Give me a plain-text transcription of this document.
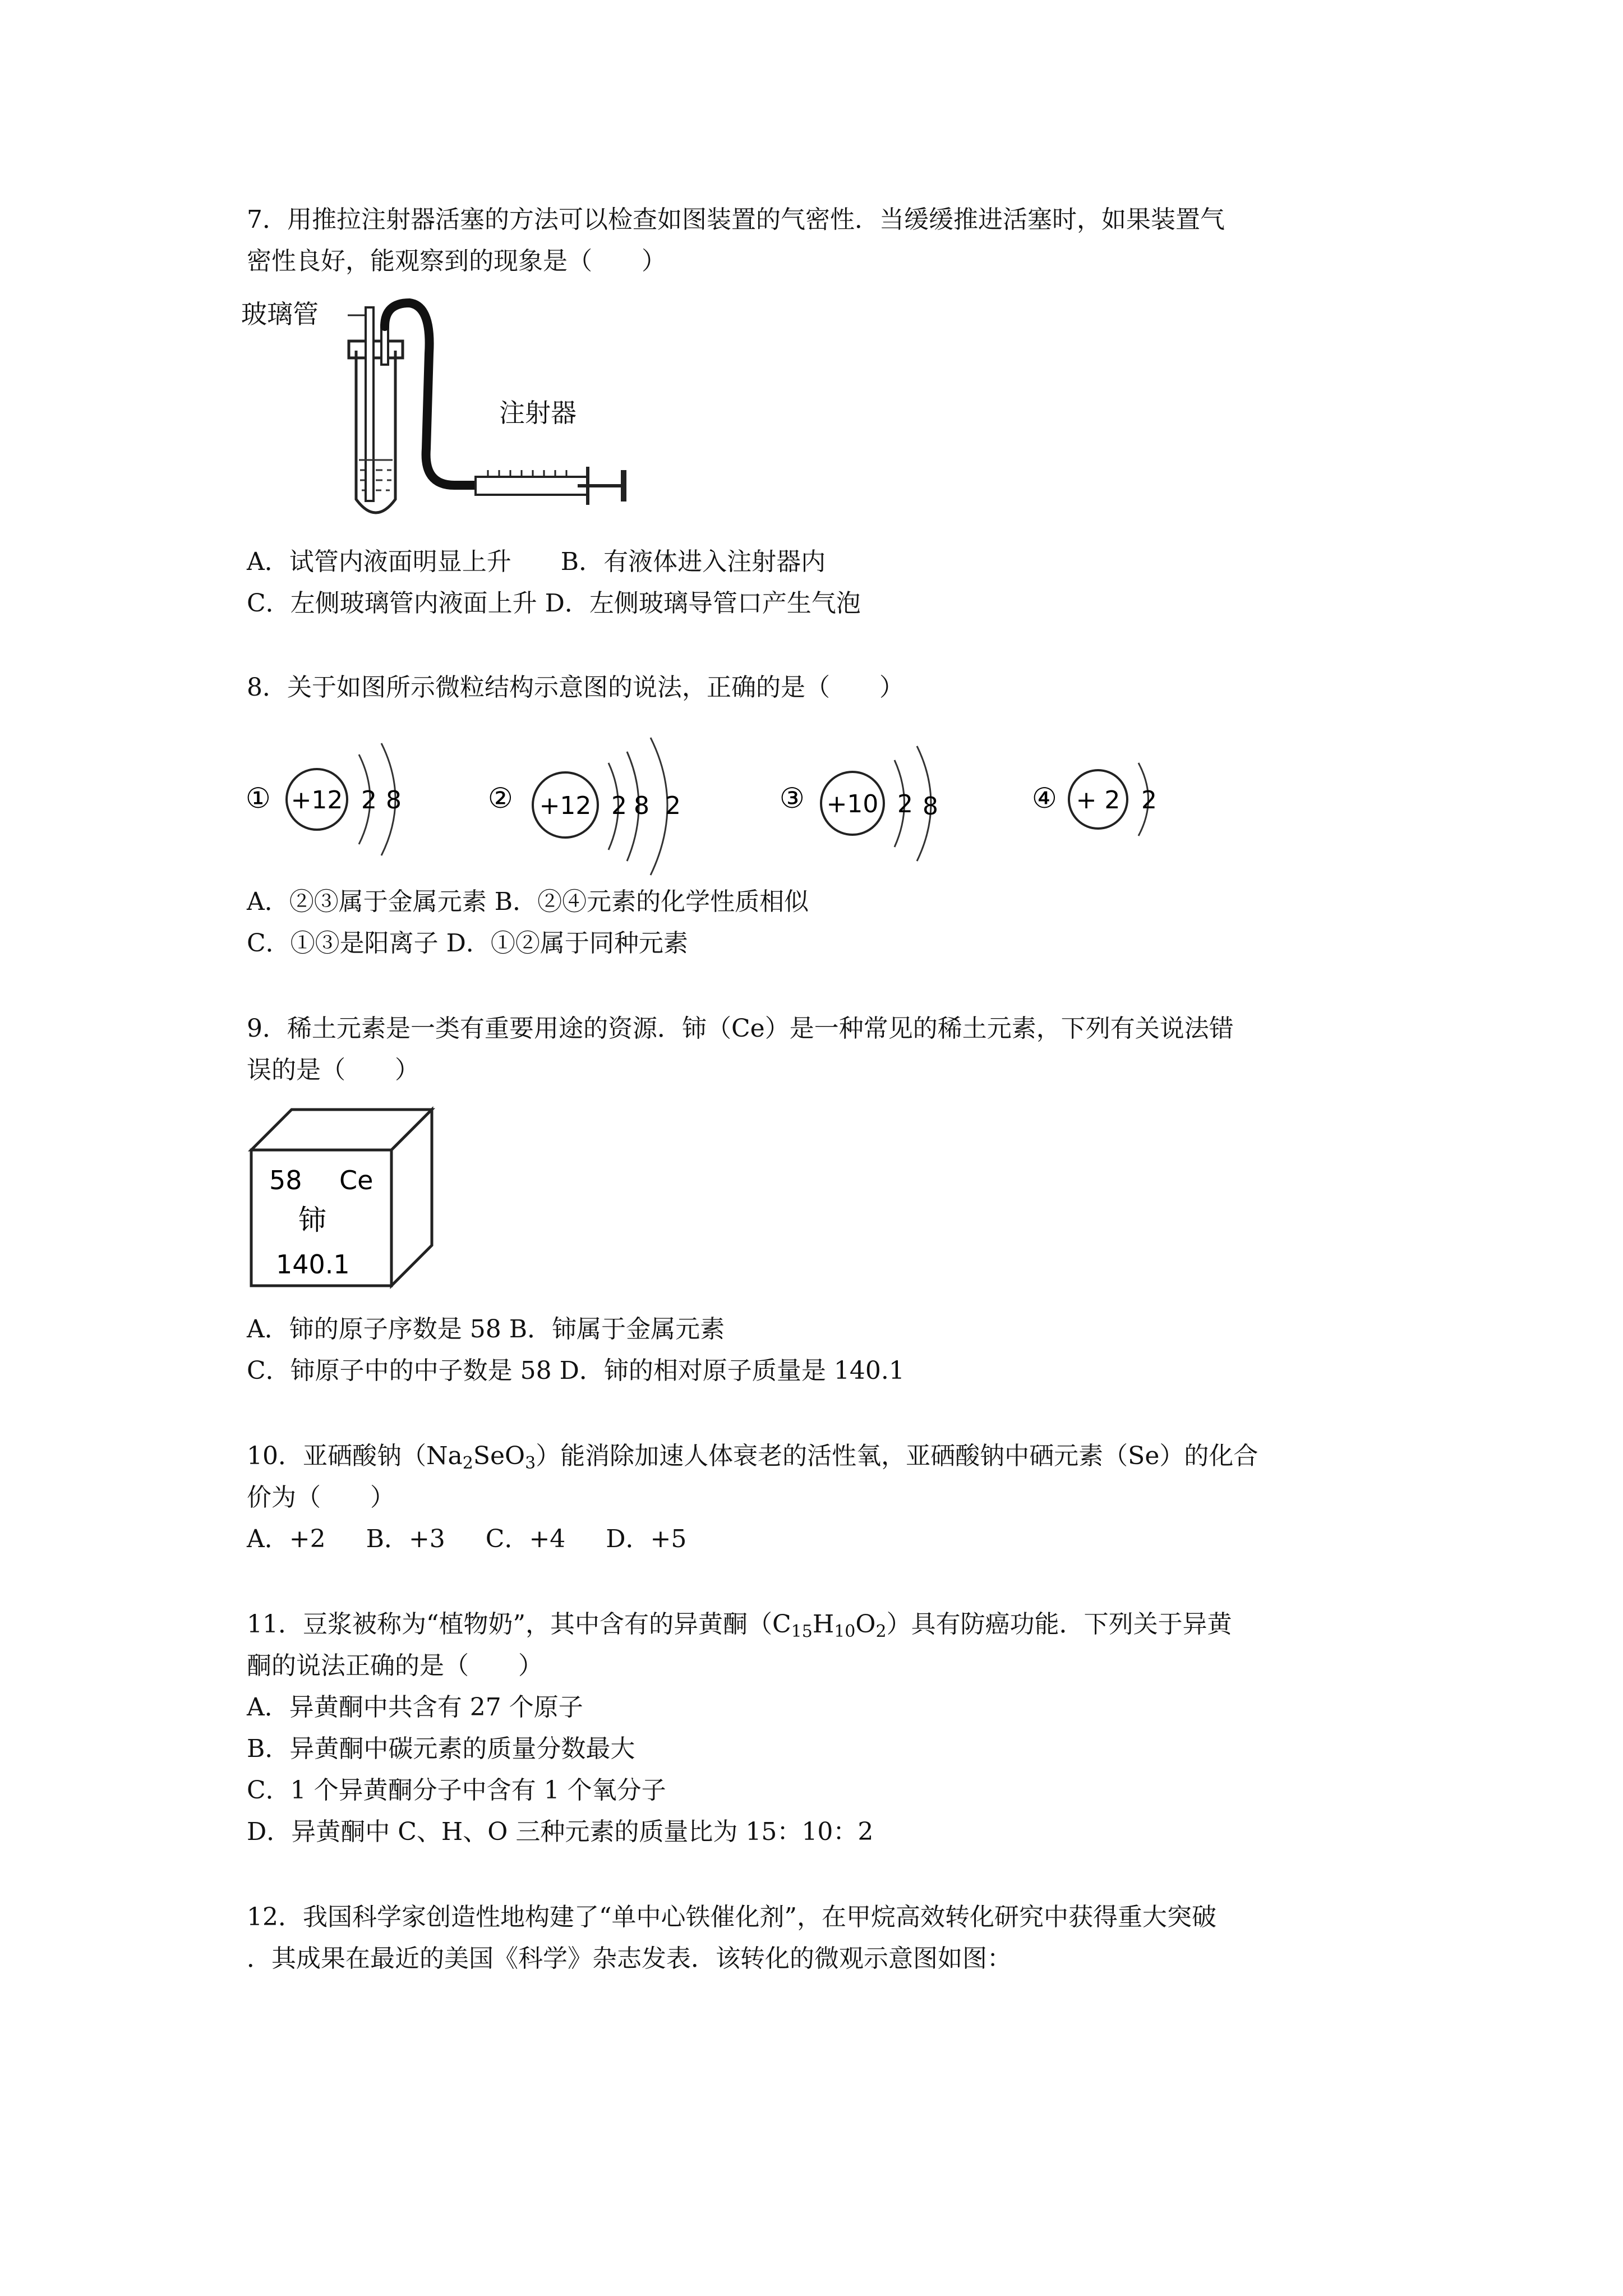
7．用推拉注射器活塞的方法可以检查如图装置的气密性．当缓缓推进活塞时，如果装置气
密性良好，能观察到的现象是（　　）
玻璃管
注射器
A．试管内液面明显上升　　B．有液体进入注射器内
C．左侧玻璃管内液面上升 D．左侧玻璃导管口产生气泡
8．关于如图所示微粒结构示意图的说法，正确的是（　　）
① +12 2 8	② +12 2 8 2	③ +10 2 8	④ + 2 2
A．②③属于金属元素 B．②④元素的化学性质相似
C．①③是阳离子 D．①②属于同种元素
9．稀土元素是一类有重要用途的资源．铈（Ce）是一种常见的稀土元素，下列有关说法错
误的是（　　）
58 Ce
铈
140.1
A．铈的原子序数是 58 B．铈属于金属元素
C．铈原子中的中子数是 58 D．铈的相对原子质量是 140.1
10．亚硒酸钠$(Na_2SeO_3)$能消除加速人体衰老的活性氧，亚硒酸钠中硒元素（Se）的化合
价为（　　）
A．+2　  B．+3　  C．+4　  D．+5
11．豆浆被称为“植物奶”，其中含有的异黄酮$(C_{15}H_{10}O_2)$具有防癌功能．下列关于异黄
酮的说法正确的是（　　）
A．异黄酮中共含有 27 个原子
B．异黄酮中碳元素的质量分数最大
C．1 个异黄酮分子中含有 1 个氧分子
D．异黄酮中 C、H、O 三种元素的质量比为 15：10：2
12．我国科学家创造性地构建了“单中心铁催化剂”，在甲烷高效转化研究中获得重大突破
．其成果在最近的美国《科学》杂志发表．该转化的微观示意图如图：
